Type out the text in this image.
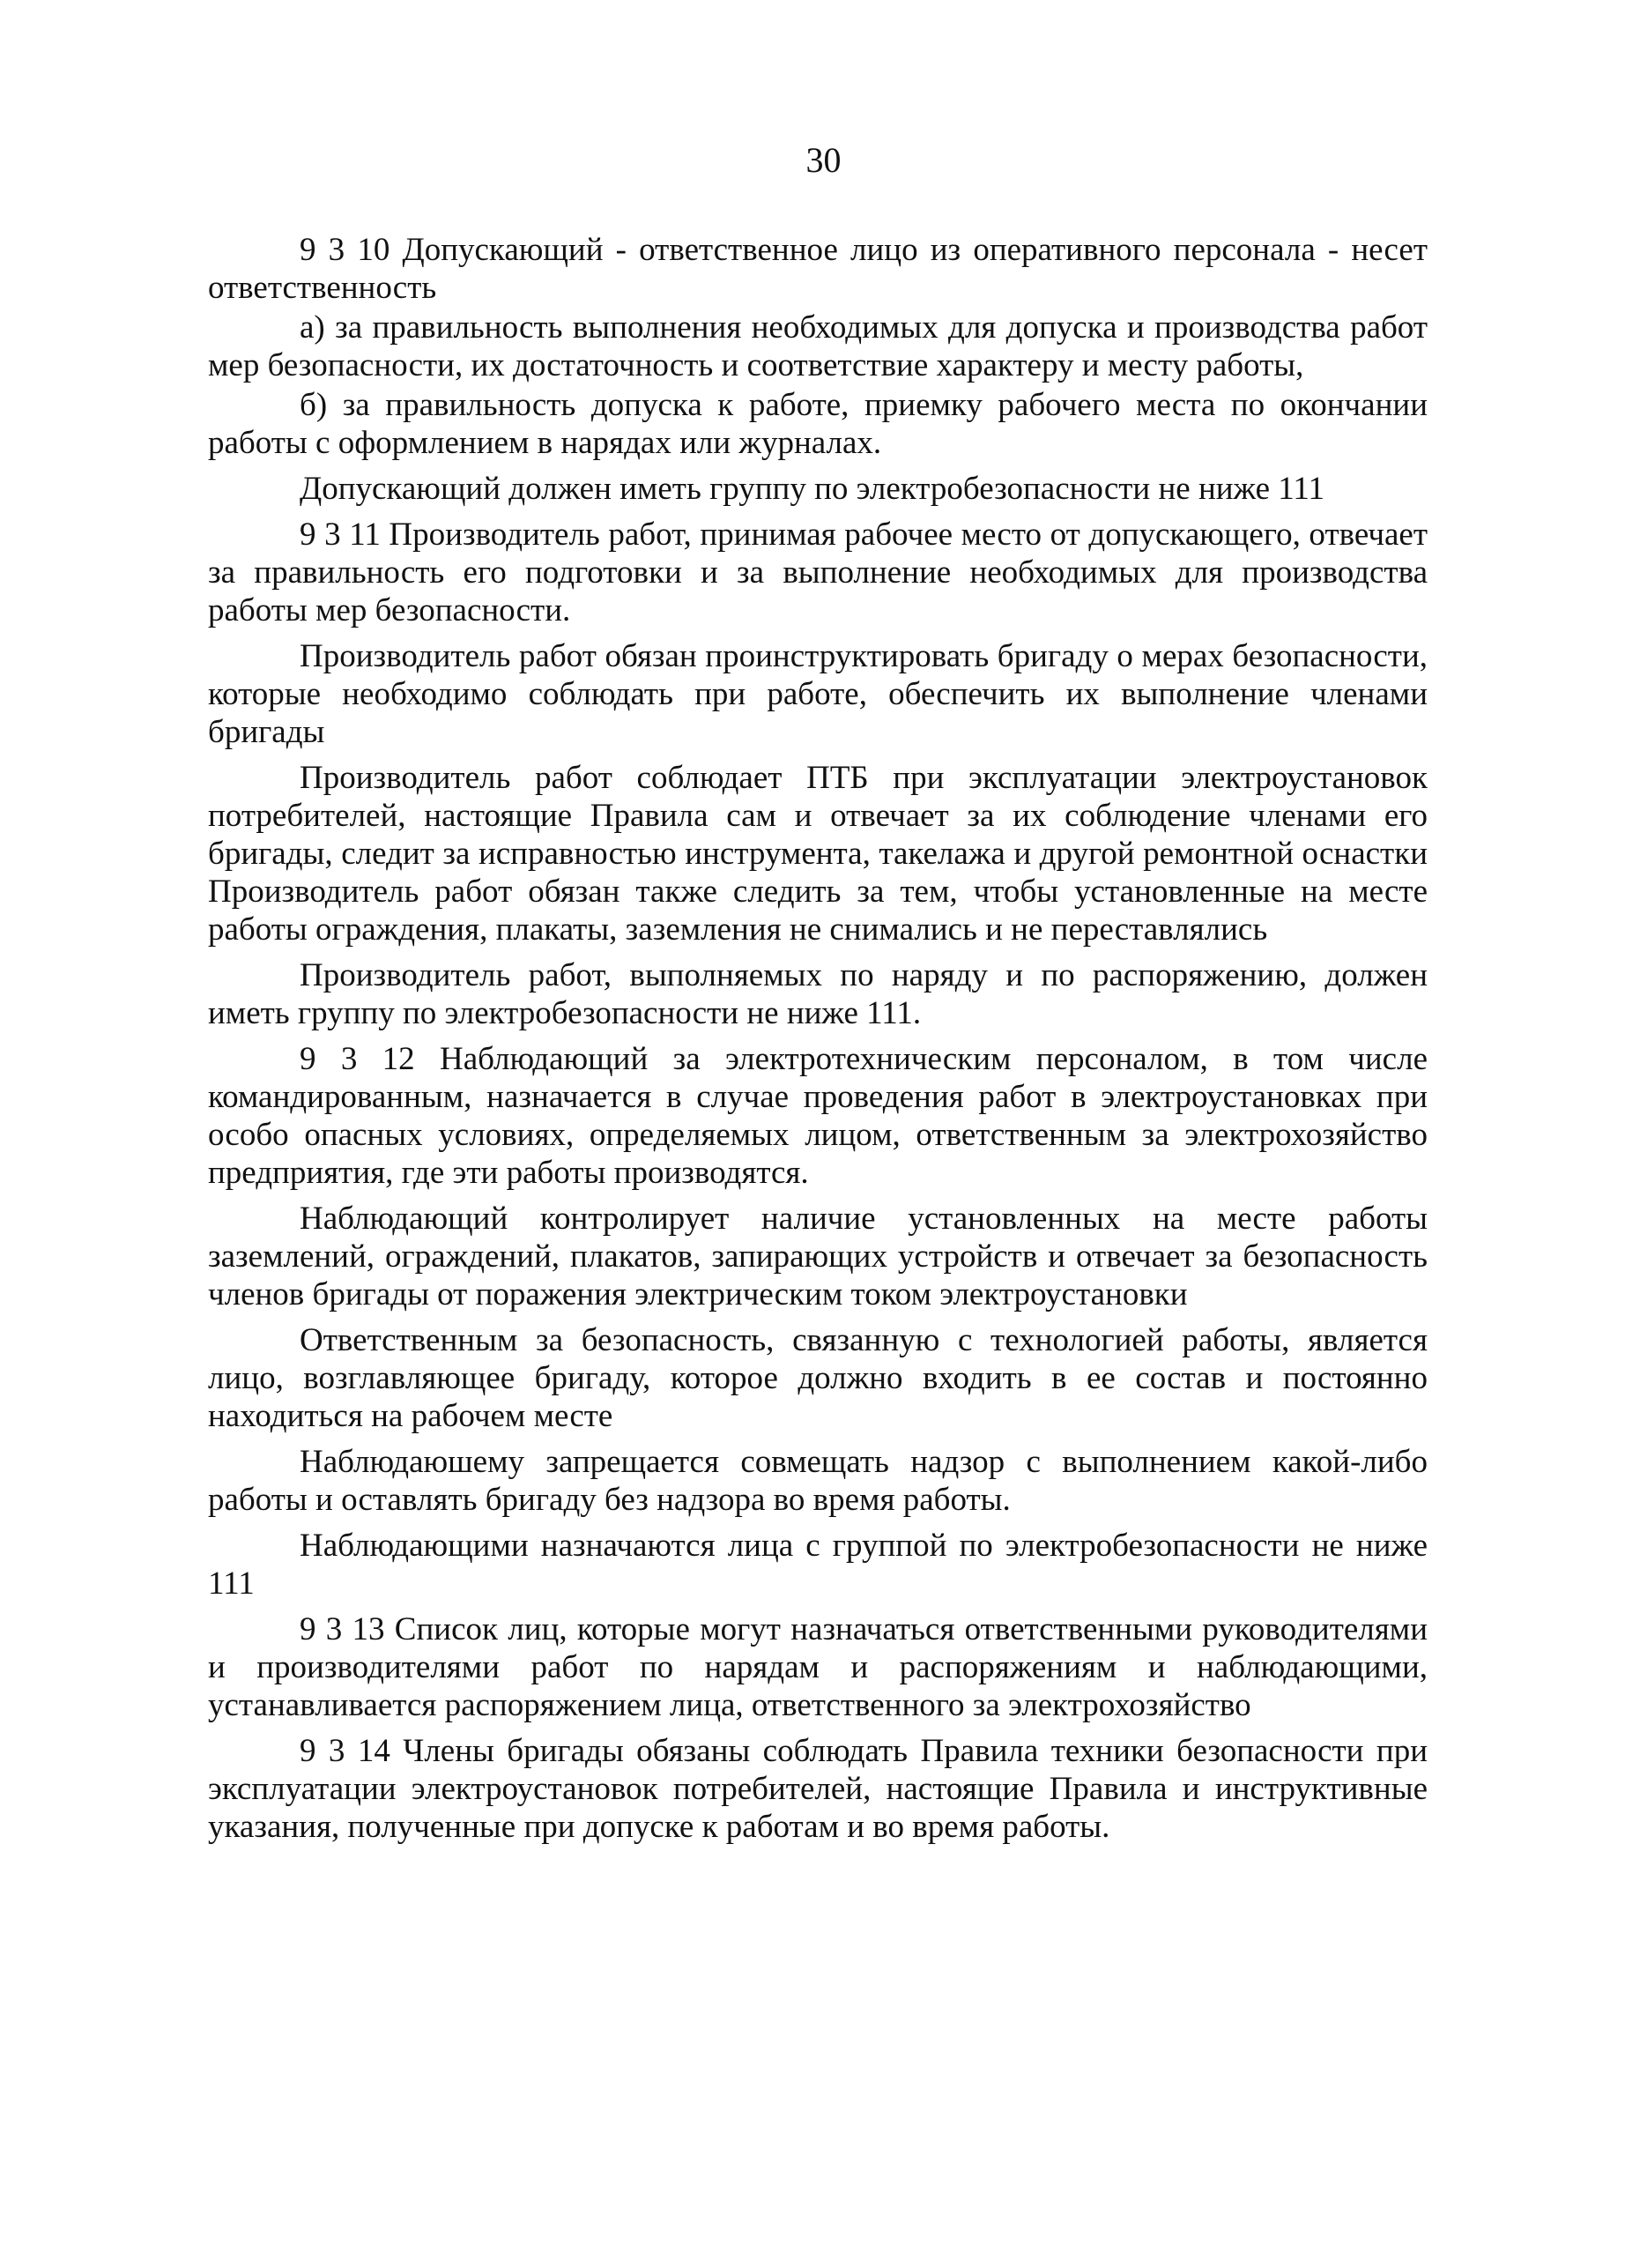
30

9 3 10 Допускающий - ответственное лицо из оперативного персонала - несет ответственность

а) за правильность выполнения необходимых для допуска и производства работ мер безопасности, их достаточность и соответствие характеру и месту работы,

б) за правильность допуска к работе, приемку рабочего места по окончании работы с оформлением в нарядах или журналах.

Допускающий должен иметь группу по электробезопасности не ниже 111

9 3 11 Производитель работ, принимая рабочее место от допускающего, отвечает за правильность его подготовки и за выполнение необходимых для производства работы мер безопасности.

Производитель работ обязан проинструктировать бригаду о мерах безопасности, которые необходимо соблюдать при работе, обеспечить их выполнение членами бригады

Производитель работ соблюдает ПТБ при эксплуатации электроустановок потребителей, настоящие Правила сам и отвечает за их соблюдение членами его бригады, следит за исправностью инструмента, такелажа и другой ремонтной оснастки Производитель работ обязан также следить за тем, чтобы установленные на месте работы ограждения, плакаты, заземления не снимались и не переставлялись

Производитель работ, выполняемых по наряду и по распоряжению, должен иметь группу по электробезопасности не ниже 111.

9 3 12 Наблюдающий за электротехническим персоналом, в том числе командированным, назначается в случае проведения работ в электроустановках при особо опасных условиях, определяемых лицом, ответственным за электрохозяйство предприятия, где эти работы производятся.

Наблюдающий контролирует наличие установленных на месте работы заземлений, ограждений, плакатов, запирающих устройств и отвечает за безопасность членов бригады от поражения электрическим током электроустановки

Ответственным за безопасность, связанную с технологией работы, является лицо, возглавляющее бригаду, которое должно входить в ее состав и постоянно находиться на рабочем месте

Наблюдаюшему запрещается совмещать надзор с выполнением какой-либо работы и оставлять бригаду без надзора во время работы.

Наблюдающими назначаются лица с группой по электробезопасности не ниже 111

9 3 13 Список лиц, которые могут назначаться ответственными руководителями и производителями работ по нарядам и распоряжениям и наблюдающими, устанавливается распоряжением лица, ответственного за электрохозяйство

9 3 14 Члены бригады обязаны соблюдать Правила техники безопасности при эксплуатации электроустановок потребителей, настоящие Правила и инструктивные указания, полученные при допуске к работам и во время работы.
